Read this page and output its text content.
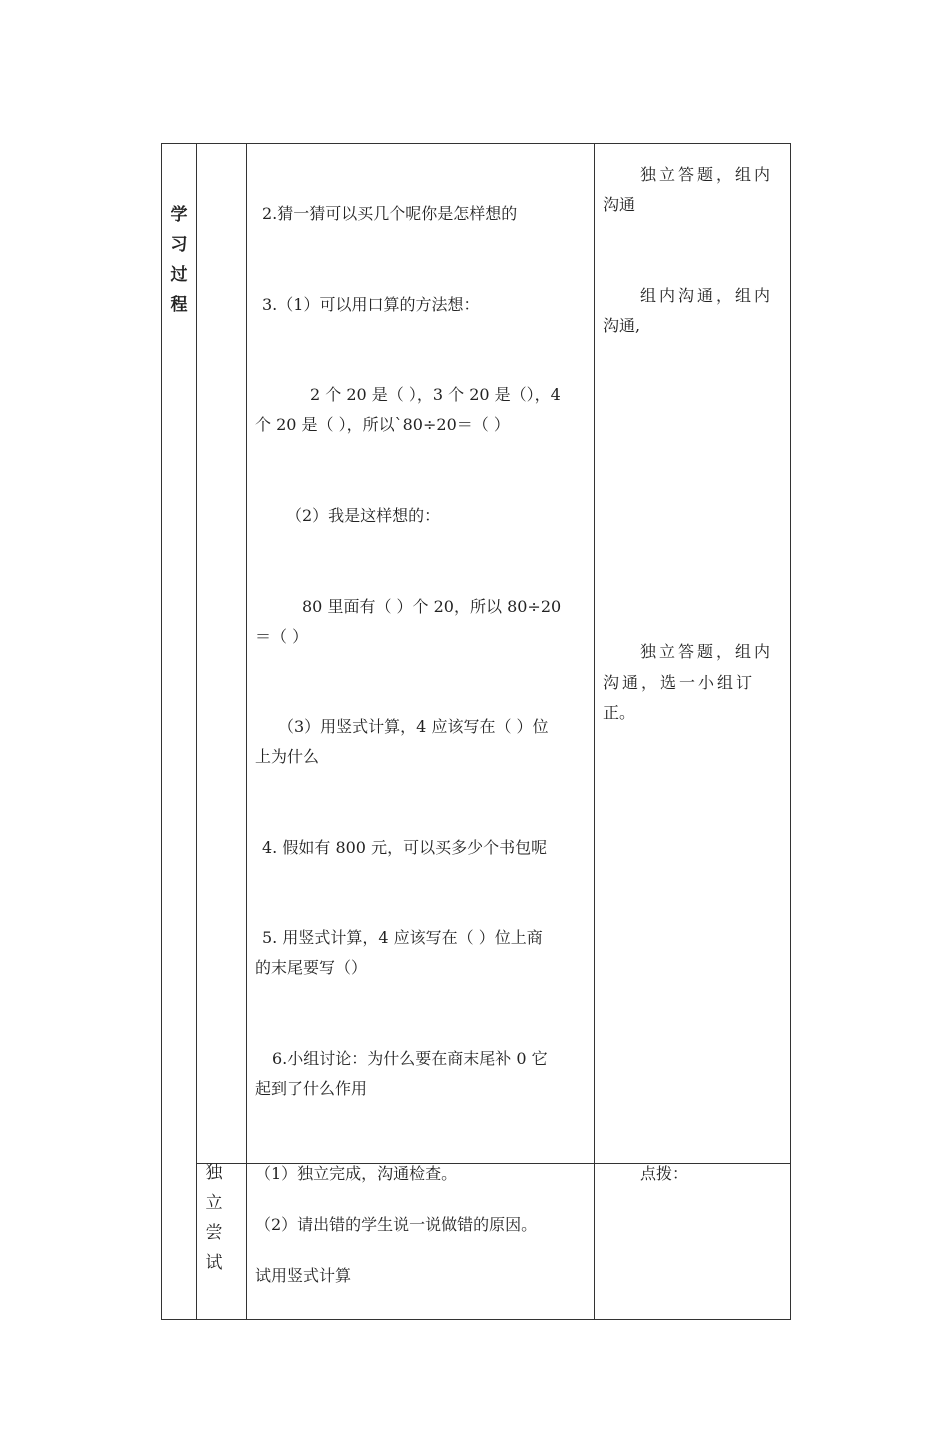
学习过程
2.猜一猜可以买几个呢你是怎样想的
3.（1）可以用口算的方法想：
2 个 20 是（ ），3 个 20 是（），4
个 20 是（ ），所以`80÷20＝（ ）
（2）我是这样想的：
80 里面有（ ）个 20，所以 80÷20
＝（ ）
（3）用竖式计算，4 应该写在（ ）位
上为什么
4. 假如有 800 元，可以买多少个书包呢
5. 用竖式计算，4 应该写在（ ）位上商
的末尾要写（）
6.小组讨论：为什么要在商末尾补 0 它
起到了什么作用
独立答题，组内
沟通
组内沟通，组内
沟通,
独立答题，组内
沟通，选一小组订
正。
独立尝试
（1）独立完成，沟通检查。
（2）请出错的学生说一说做错的原因。
试用竖式计算
点拨：
